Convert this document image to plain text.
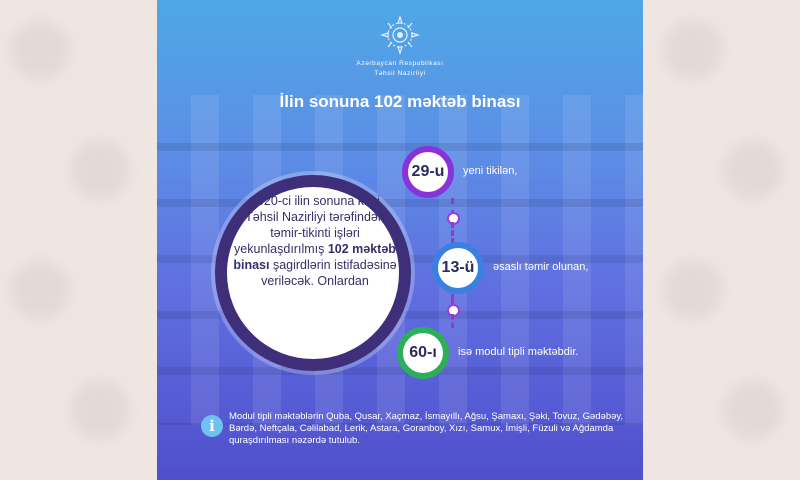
Azərbaycan Respublikası
Təhsil Nazirliyi
İlin sonuna 102 məktəb binası
2020-ci ilin sonuna kimi Təhsil Nazirliyi tərəfindən təmir-tikinti işləri yekunlaşdırılmış 102 məktəb binası şagirdlərin istifadəsinə veriləcək. Onlardan
29-u	yeni tikilən,
13-ü	əsaslı təmir olunan,
60-ı	isə modul tipli məktəbdir.
i
Modul tipli məktəblərin Quba, Qusar, Xaçmaz, İsmayıllı, Ağsu, Şamaxı, Şəki, Tovuz, Gədəbəy, Bərdə, Neftçala, Cəlilabad, Lerik, Astara, Goranboy, Xızı, Samux, İmişli, Füzuli və Ağdamda quraşdırılması nəzərdə tutulub.
